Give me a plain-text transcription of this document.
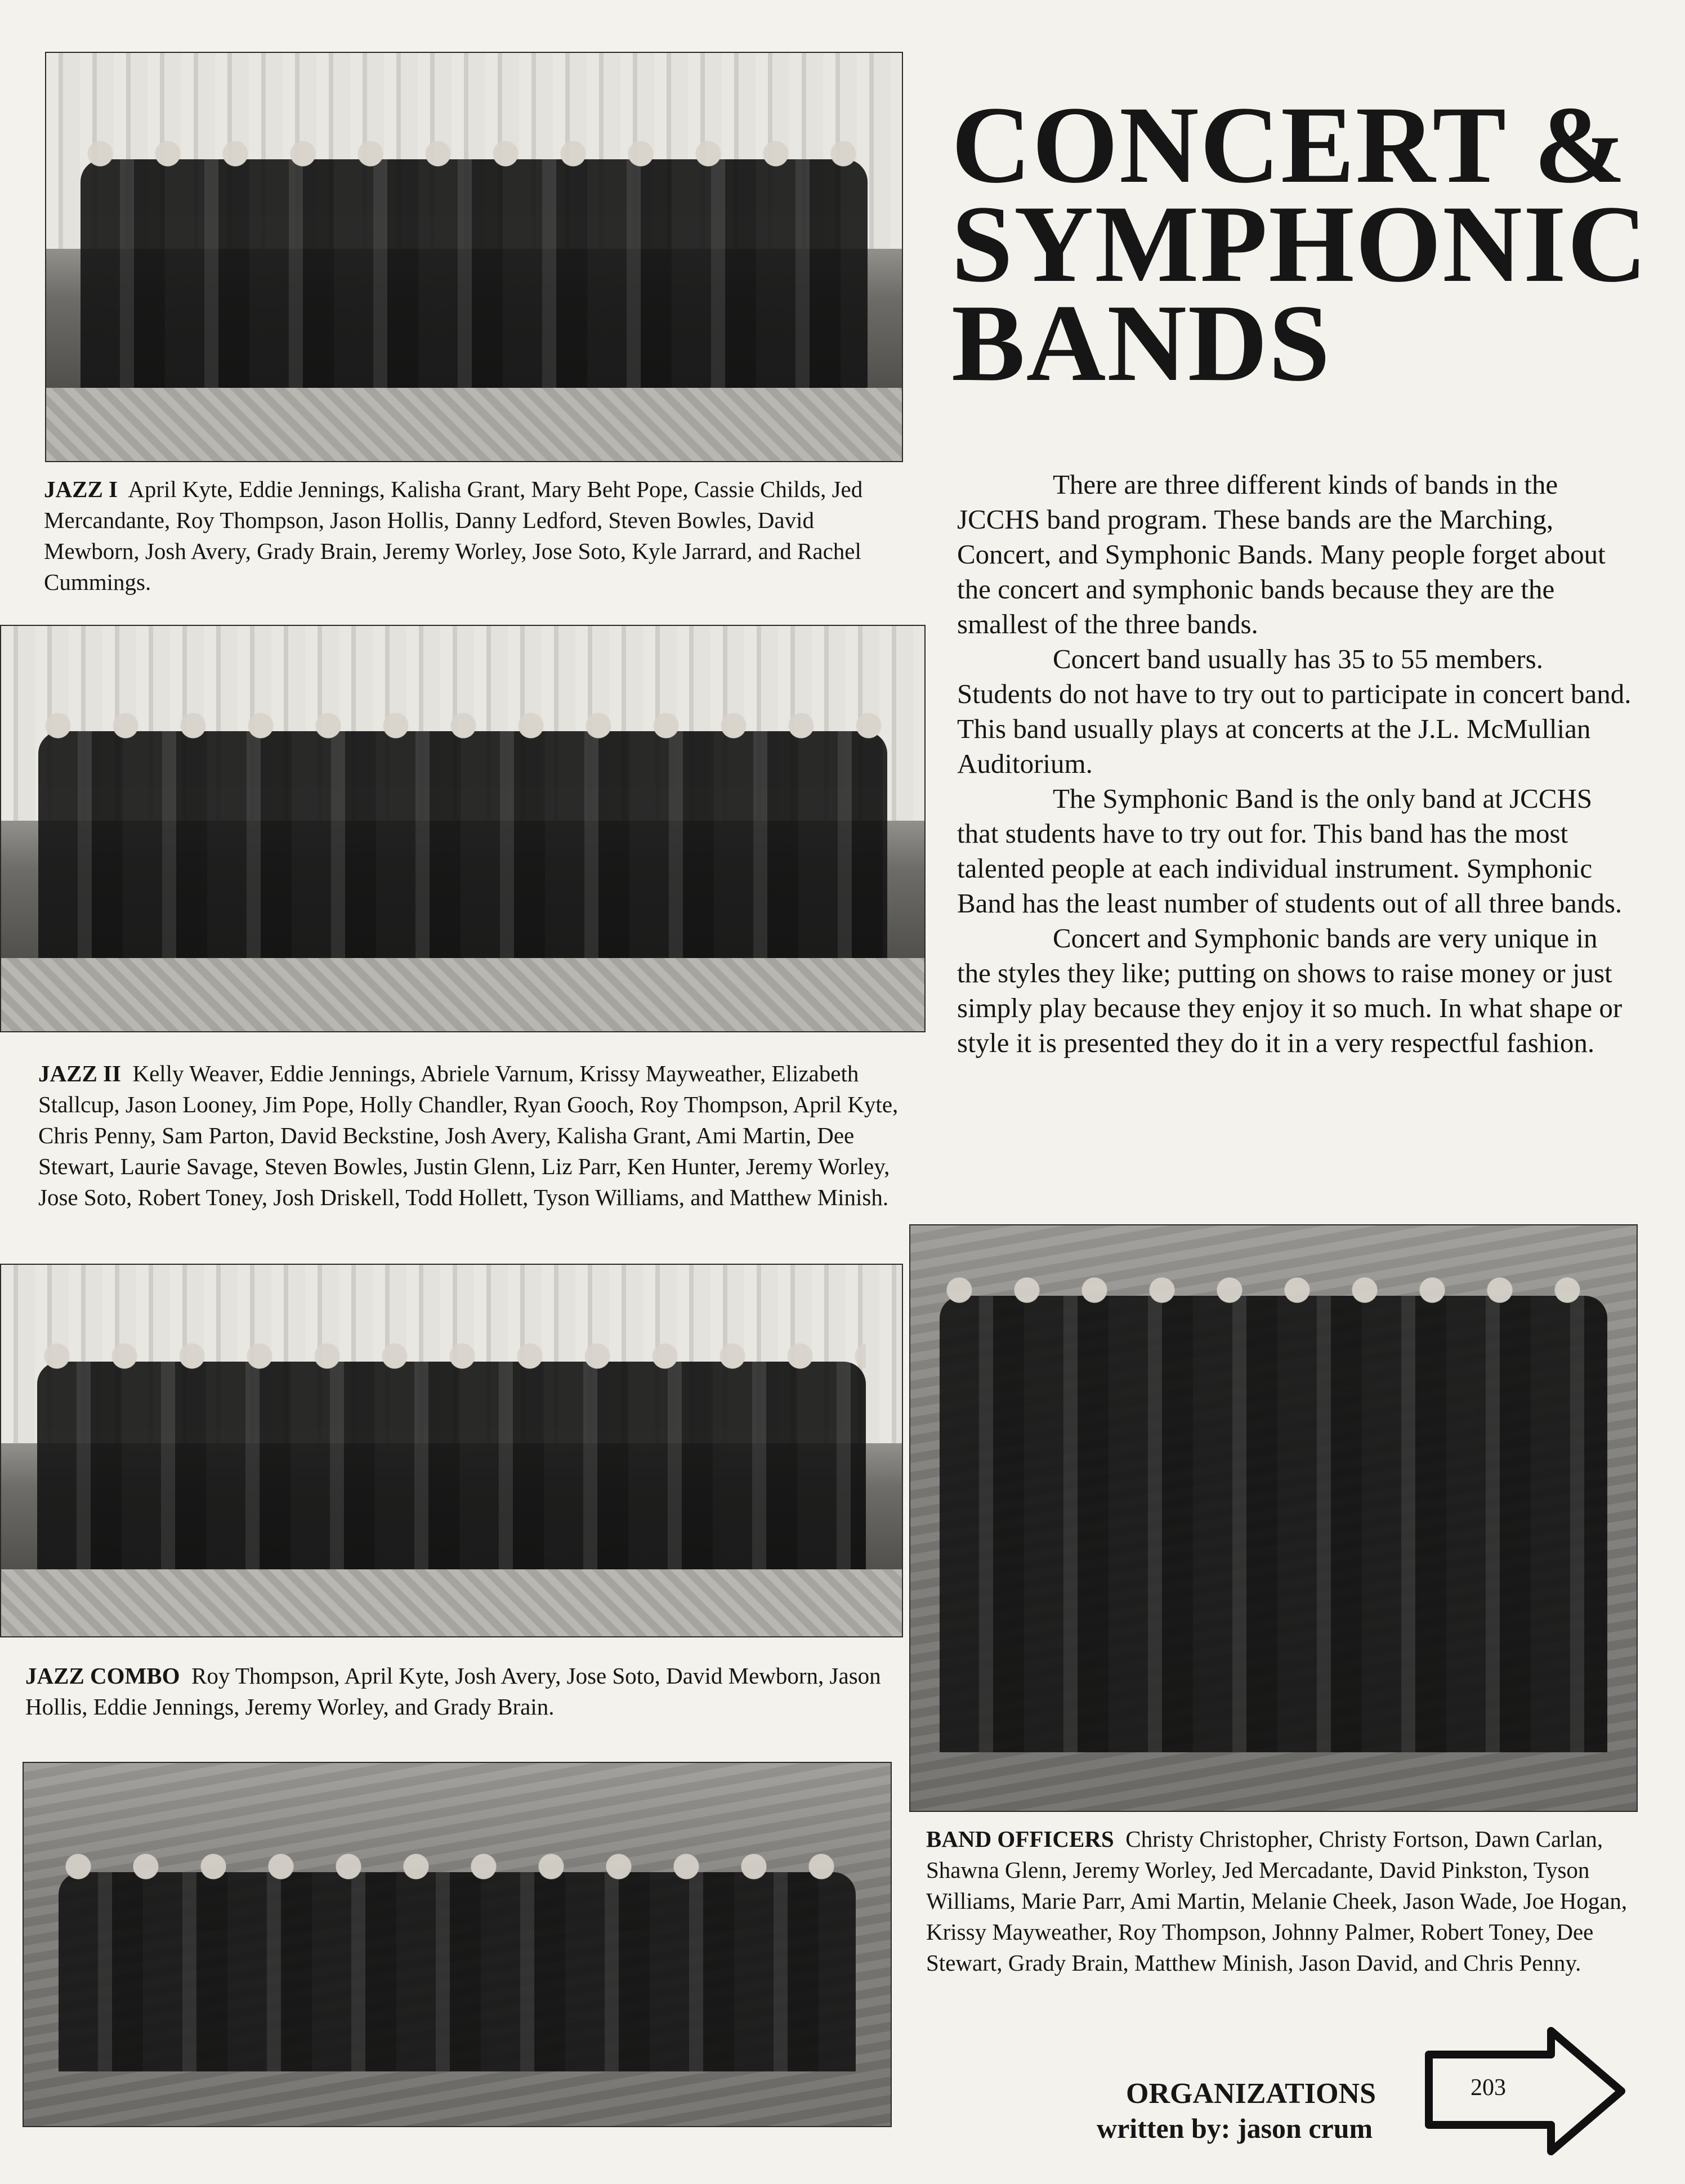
CONCERT &
SYMPHONIC
BANDS

There are three different kinds of bands in the JCCHS band program. These bands are the Marching, Concert, and Symphonic Bands. Many people forget about the concert and symphonic bands because they are the smallest of the three bands.

Concert band usually has 35 to 55 members. Students do not have to try out to participate in concert band. This band usually plays at concerts at the J.L. McMullian Auditorium.

The Symphonic Band is the only band at JCCHS that students have to try out for. This band has the most talented people at each individual instrument. Symphonic Band has the least number of students out of all three bands.

Concert and Symphonic bands are very unique in the styles they like; putting on shows to raise money or just simply play because they enjoy it so much. In what shape or style it is presented they do it in a very respectful fashion.

JAZZ I April Kyte, Eddie Jennings, Kalisha Grant, Mary Beht Pope, Cassie Childs, Jed Mercandante, Roy Thompson, Jason Hollis, Danny Ledford, Steven Bowles, David Mewborn, Josh Avery, Grady Brain, Jeremy Worley, Jose Soto, Kyle Jarrard, and Rachel Cummings.

JAZZ II Kelly Weaver, Eddie Jennings, Abriele Varnum, Krissy Mayweather, Elizabeth Stallcup, Jason Looney, Jim Pope, Holly Chandler, Ryan Gooch, Roy Thompson, April Kyte, Chris Penny, Sam Parton, David Beckstine, Josh Avery, Kalisha Grant, Ami Martin, Dee Stewart, Laurie Savage, Steven Bowles, Justin Glenn, Liz Parr, Ken Hunter, Jeremy Worley, Jose Soto, Robert Toney, Josh Driskell, Todd Hollett, Tyson Williams, and Matthew Minish.

JAZZ COMBO Roy Thompson, April Kyte, Josh Avery, Jose Soto, David Mewborn, Jason Hollis, Eddie Jennings, Jeremy Worley, and Grady Brain.

BAND OFFICERS Christy Christopher, Christy Fortson, Dawn Carlan, Shawna Glenn, Jeremy Worley, Jed Mercadante, David Pinkston, Tyson Williams, Marie Parr, Ami Martin, Melanie Cheek, Jason Wade, Joe Hogan, Krissy Mayweather, Roy Thompson, Johnny Palmer, Robert Toney, Dee Stewart, Grady Brain, Matthew Minish, Jason David, and Chris Penny.

ORGANIZATIONS
written by: jason crum
203
